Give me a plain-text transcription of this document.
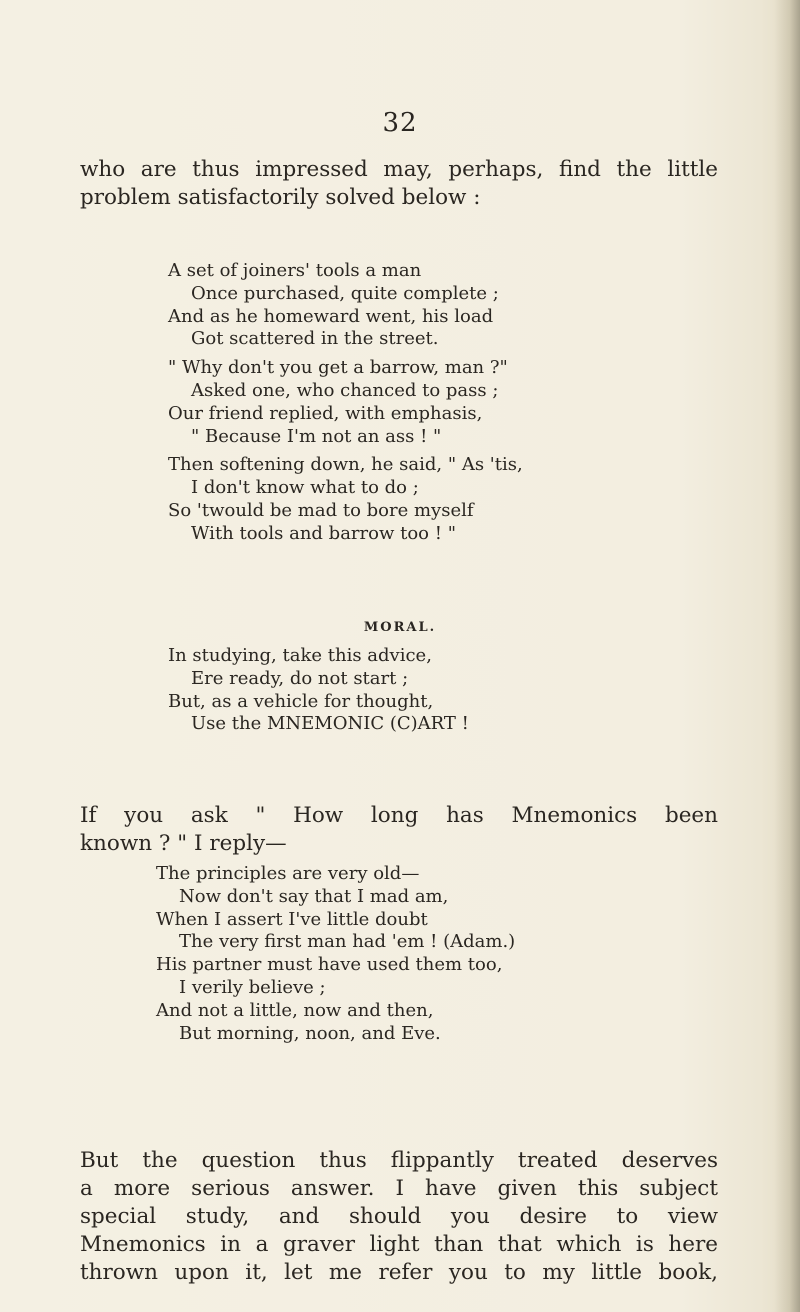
32
who are thus impressed may, perhaps, find the little
problem satisfactorily solved below :
A set of joiners' tools a man
Once purchased, quite complete ;
And as he homeward went, his load
Got scattered in the street.
" Why don't you get a barrow, man ?"
Asked one, who chanced to pass ;
Our friend replied, with emphasis,
" Because I'm not an ass ! "
Then softening down, he said, " As 'tis,
I don't know what to do ;
So 'twould be mad to bore myself
With tools and barrow too ! "
MORAL.
In studying, take this advice,
Ere ready, do not start ;
But, as a vehicle for thought,
Use the MNEMONIC (C)ART !
If you ask " How long has Mnemonics been
known ? " I reply—
The principles are very old—
Now don't say that I mad am,
When I assert I've little doubt
The very first man had 'em ! (Adam.)
His partner must have used them too,
I verily believe ;
And not a little, now and then,
But morning, noon, and Eve.
But the question thus flippantly treated deserves
a more serious answer. I have given this subject
special study, and should you desire to view
Mnemonics in a graver light than that which is here
thrown upon it, let me refer you to my little book,
